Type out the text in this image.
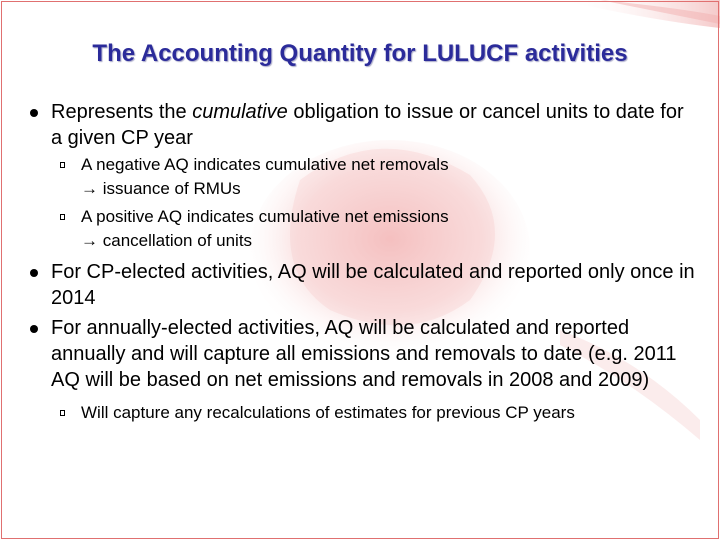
The Accounting Quantity for LULUCF activities
Represents the cumulative obligation to issue or cancel units to date for a given CP year
A negative AQ indicates cumulative net removals
→ issuance of RMUs
A positive AQ indicates cumulative net emissions
→ cancellation of units
For CP-elected activities, AQ will be calculated and reported only once in 2014
For annually-elected activities, AQ will be calculated and reported annually and will capture all emissions and removals to date (e.g. 2011 AQ will be based on net emissions and removals in 2008 and 2009)
Will capture any recalculations of estimates for previous CP years
